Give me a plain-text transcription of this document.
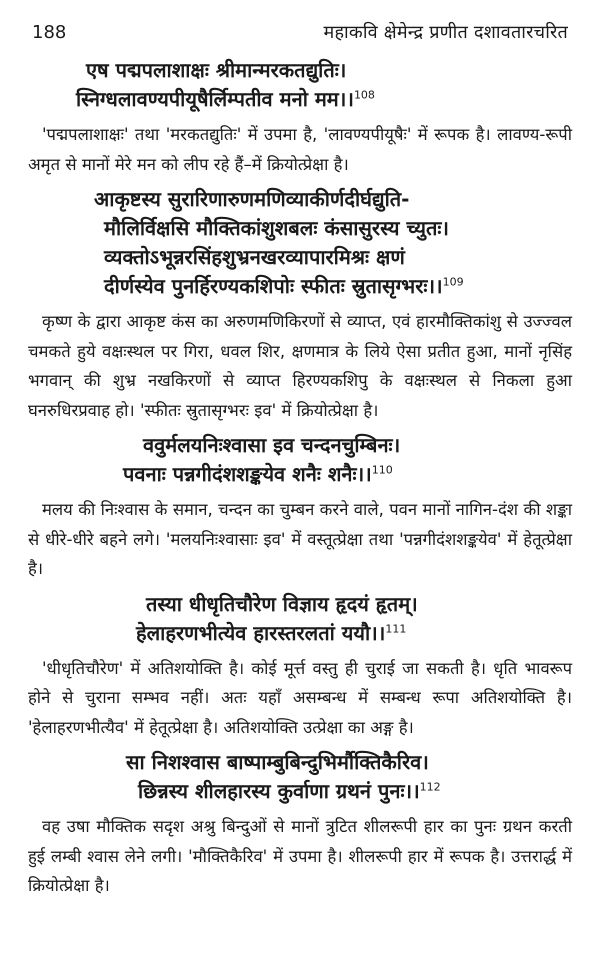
188	महाकवि क्षेमेन्द्र प्रणीत दशावतारचरित
एष पद्मपलाशाक्षः श्रीमान्मरकतद्युतिः।
स्निग्धलावण्यपीयूषैर्लिम्पतीव मनो मम।।$^{108}$

'पद्मपलाशाक्षः' तथा 'मरकतद्युतिः' में उपमा है, 'लावण्यपीयूषैः' में रूपक है। लावण्य-रूपी अमृत से मानों मेरे मन को लीप रहे हैं–में क्रियोत्प्रेक्षा है।

आकृष्टस्य सुरारिणारुणमणिव्याकीर्णदीर्घद्युति-
मौलिर्विक्षसि मौक्तिकांशुशबलः कंसासुरस्य च्युतः।
व्यक्तोऽभून्नरसिंहशुभ्रनखरव्यापारमिश्रः क्षणं
दीर्णस्येव पुनर्हिरण्यकशिपोः स्फीतः स्रुतासृग्भरः।।$^{109}$

कृष्ण के द्वारा आकृष्ट कंस का अरुणमणिकिरणों से व्याप्त, एवं हारमौक्तिकांशु से उज्ज्वल चमकते हुये वक्षःस्थल पर गिरा, धवल शिर, क्षणमात्र के लिये ऐसा प्रतीत हुआ, मानों नृसिंह भगवान् की शुभ्र नखकिरणों से व्याप्त हिरण्यकशिपु के वक्षःस्थल से निकला हुआ घनरुधिरप्रवाह हो। 'स्फीतः स्रुतासृग्भरः इव' में क्रियोत्प्रेक्षा है।

ववुर्मलयनिःश्वासा इव चन्दनचुम्बिनः।
पवनाः पन्नगीदंशशङ्कयेव शनैः शनैः।।$^{110}$

मलय की निःश्वास के समान, चन्दन का चुम्बन करने वाले, पवन मानों नागिन-दंश की शङ्का से धीरे-धीरे बहने लगे। 'मलयनिःश्वासाः इव' में वस्तूत्प्रेक्षा तथा 'पन्नगीदंशशङ्कयेव' में हेतूत्प्रेक्षा है।

तस्या धीधृतिचौरेण विज्ञाय हृदयं हृतम्।
हेलाहरणभीत्येव हारस्तरलतां ययौ।।$^{111}$

'धीधृतिचौरेण' में अतिशयोक्ति है। कोई मूर्त्त वस्तु ही चुराई जा सकती है। धृति भावरूप होने से चुराना सम्भव नहीं। अतः यहाँ असम्बन्ध में सम्बन्ध रूपा अतिशयोक्ति है। 'हेलाहरणभीत्यैव' में हेतूत्प्रेक्षा है। अतिशयोक्ति उत्प्रेक्षा का अङ्ग है।

सा निशश्वास बाष्पाम्बुबिन्दुभिर्मौक्तिकैरिव।
छिन्नस्य शीलहारस्य कुर्वाणा ग्रथनं पुनः।।$^{112}$

वह उषा मौक्तिक सदृश अश्रु बिन्दुओं से मानों त्रुटित शीलरूपी हार का पुनः ग्रथन करती हुई लम्बी श्वास लेने लगी। 'मौक्तिकैरिव' में उपमा है। शीलरूपी हार में रूपक है। उत्तरार्द्ध में क्रियोत्प्रेक्षा है।
